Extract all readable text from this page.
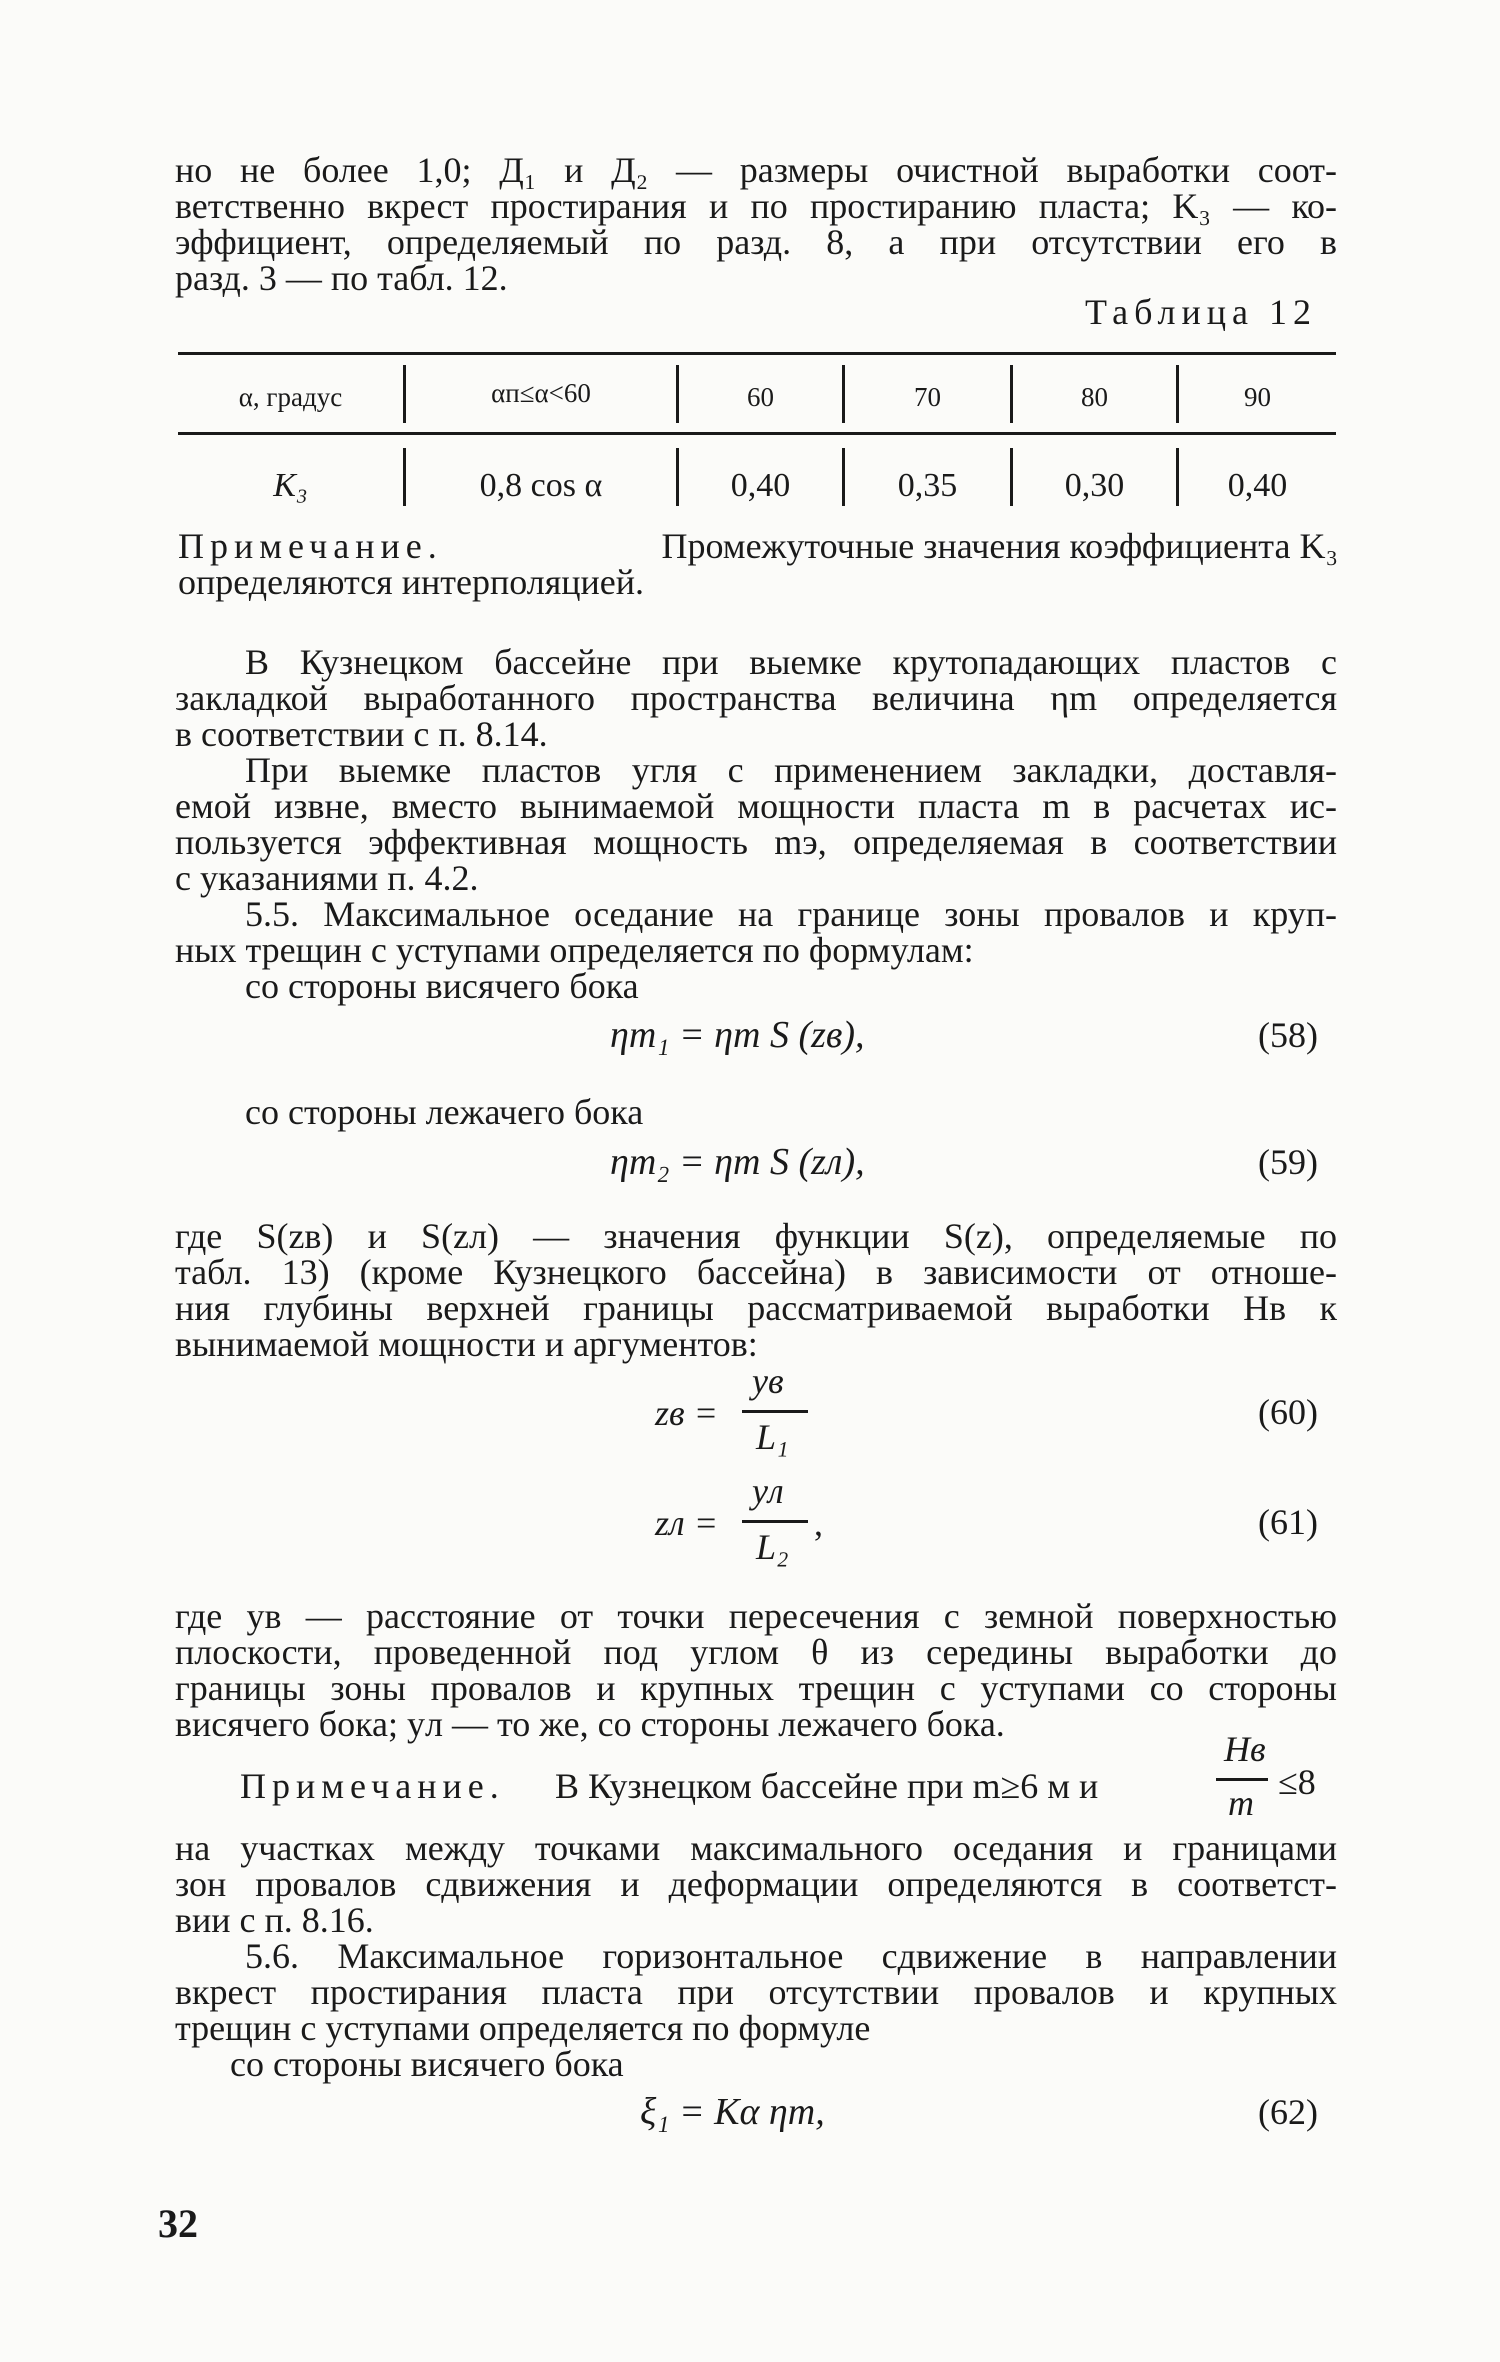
но не более 1,0; Д₁ и Д₂ — размеры очистной выработки соот-
ветственно вкрест простирания и по простиранию пласта; K₃ — ко-
эффициент, определяемый по разд. 8, а при отсутствии его в
разд. 3 — по табл. 12.
Таблица 12
α, градус	αп≤α<60	60	70	80	90
K₃	0,8 cos α	0,40	0,35	0,30	0,40
Примечание.	Промежуточные значения коэффициента K₃
определяются интерполяцией.
В Кузнецком бассейне при выемке крутопадающих пластов с
закладкой выработанного пространства величина ηm определяется
в соответствии с п. 8.14.
При выемке пластов угля с применением закладки, доставля-
емой извне, вместо вынимаемой мощности пласта m в расчетах ис-
пользуется эффективная мощность mэ, определяемая в соответствии
с указаниями п. 4.2.
5.5. Максимальное оседание на границе зоны провалов и круп-
ных трещин с уступами определяется по формулам:
со стороны висячего бока
ηm₁ = ηm S (zв),	(58)
со стороны лежачего бока
ηm₂ = ηm S (zл),	(59)
где S(zв) и S(zл) — значения функции S(z), определяемые по
табл. 13) (кроме Кузнецкого бассейна) в зависимости от отноше-
ния глубины верхней границы рассматриваемой выработки Hв к
вынимаемой мощности и аргументов:
zв =
yв
L₁
(60)
zл =
yл
L₂
,	(61)
где yв — расстояние от точки пересечения с земной поверхностью
плоскости, проведенной под углом θ из середины выработки до
границы зоны провалов и крупных трещин с уступами со стороны
висячего бока; yл — то же, со стороны лежачего бока.
Примечание. В Кузнецком бассейне при m≥6 м и
Hв
m
≤8
на участках между точками максимального оседания и границами
зон провалов сдвижения и деформации определяются в соответст-
вии с п. 8.16.
5.6. Максимальное горизонтальное сдвижение в направлении
вкрест простирания пласта при отсутствии провалов и крупных
трещин с уступами определяется по формуле
со стороны висячего бока
ξ₁ = Kα ηm,	(62)
32
